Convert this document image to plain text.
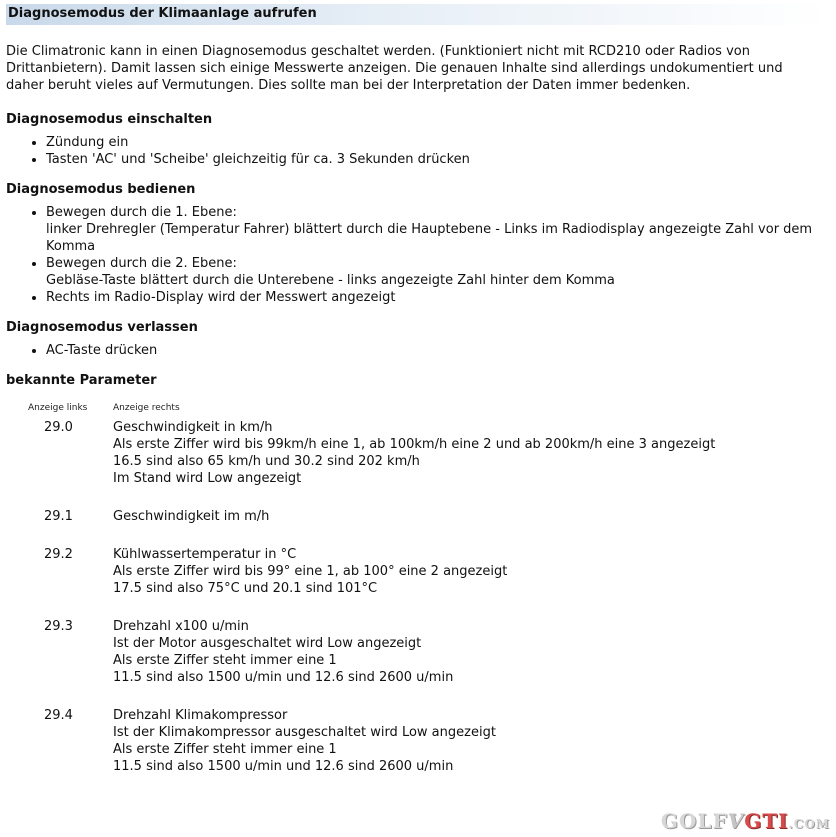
Diagnosemodus der Klimaanlage aufrufen

Die Climatronic kann in einen Diagnosemodus geschaltet werden. (Funktioniert nicht mit RCD210 oder Radios von Drittanbietern). Damit lassen sich einige Messwerte anzeigen. Die genauen Inhalte sind allerdings undokumentiert und daher beruht vieles auf Vermutungen. Dies sollte man bei der Interpretation der Daten immer bedenken.

Diagnosemodus einschalten
• Zündung ein
• Tasten 'AC' und 'Scheibe' gleichzeitig für ca. 3 Sekunden drücken
Diagnosemodus bedienen
• Bewegen durch die 1. Ebene:
linker Drehregler (Temperatur Fahrer) blättert durch die Hauptebene - Links im Radiodisplay angezeigte Zahl vor dem Komma
• Bewegen durch die 2. Ebene:
Gebläse-Taste blättert durch die Unterebene - links angezeigte Zahl hinter dem Komma
• Rechts im Radio-Display wird der Messwert angezeigt
Diagnosemodus verlassen
• AC-Taste drücken
bekannte Parameter
Anzeige links	Anzeige rechts
29.0	Geschwindigkeit in km/h
Als erste Ziffer wird bis 99km/h eine 1, ab 100km/h eine 2 und ab 200km/h eine 3 angezeigt
16.5 sind also 65 km/h und 30.2 sind 202 km/h
Im Stand wird Low angezeigt
29.1	Geschwindigkeit im m/h
29.2	Kühlwassertemperatur in °C
Als erste Ziffer wird bis 99° eine 1, ab 100° eine 2 angezeigt
17.5 sind also 75°C und 20.1 sind 101°C
29.3	Drehzahl x100 u/min
Ist der Motor ausgeschaltet wird Low angezeigt
Als erste Ziffer steht immer eine 1
11.5 sind also 1500 u/min und 12.6 sind 2600 u/min
29.4	Drehzahl Klimakompressor
Ist der Klimakompressor ausgeschaltet wird Low angezeigt
Als erste Ziffer steht immer eine 1
11.5 sind also 1500 u/min und 12.6 sind 2600 u/min
GOLFVGTI.COM
